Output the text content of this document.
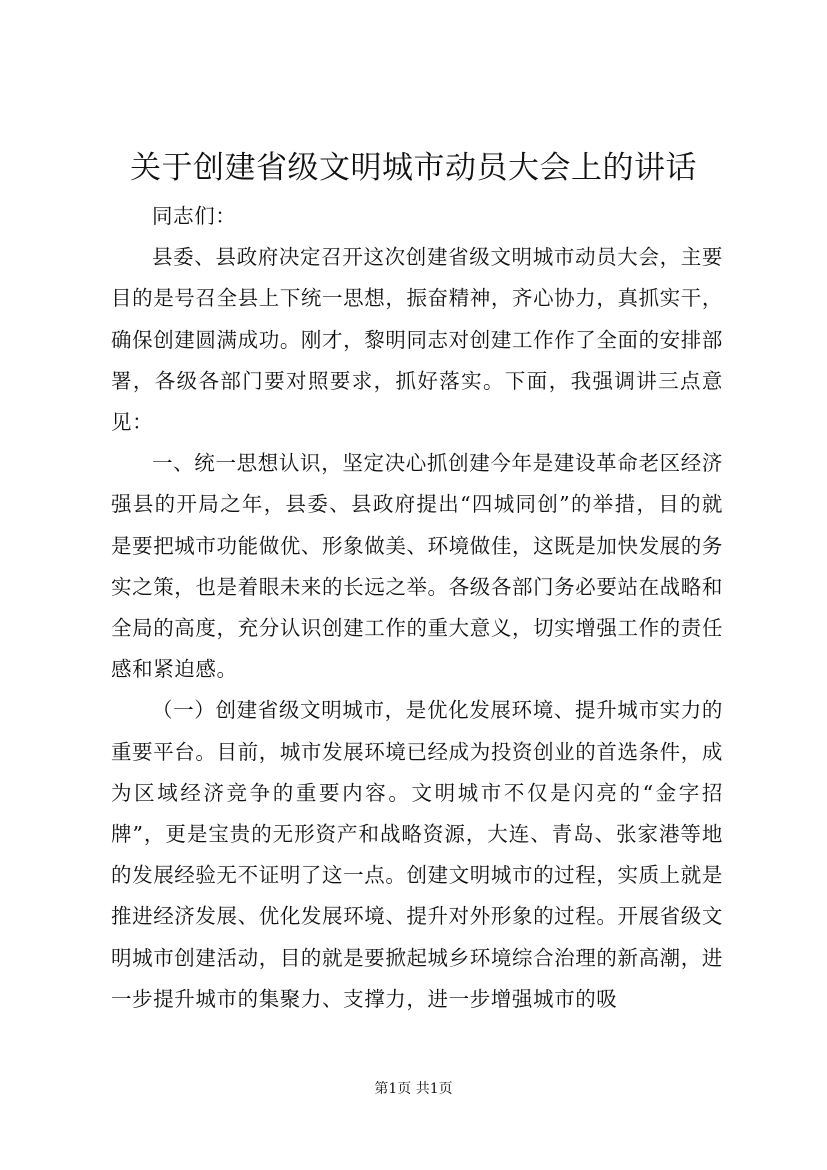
关于创建省级文明城市动员大会上的讲话

同志们：

县委、县政府决定召开这次创建省级文明城市动员大会，主要目的是号召全县上下统一思想，振奋精神，齐心协力，真抓实干，确保创建圆满成功。刚才，黎明同志对创建工作作了全面的安排部署，各级各部门要对照要求，抓好落实。下面，我强调讲三点意见：

一、统一思想认识，坚定决心抓创建今年是建设革命老区经济强县的开局之年，县委、县政府提出“四城同创”的举措，目的就是要把城市功能做优、形象做美、环境做佳，这既是加快发展的务实之策，也是着眼未来的长远之举。各级各部门务必要站在战略和全局的高度，充分认识创建工作的重大意义，切实增强工作的责任感和紧迫感。

（一）创建省级文明城市，是优化发展环境、提升城市实力的重要平台。目前，城市发展环境已经成为投资创业的首选条件，成为区域经济竞争的重要内容。文明城市不仅是闪亮的“金字招牌”，更是宝贵的无形资产和战略资源，大连、青岛、张家港等地的发展经验无不证明了这一点。创建文明城市的过程，实质上就是推进经济发展、优化发展环境、提升对外形象的过程。开展省级文明城市创建活动，目的就是要掀起城乡环境综合治理的新高潮，进一步提升城市的集聚力、支撑力，进一步增强城市的吸

第1页 共1页
